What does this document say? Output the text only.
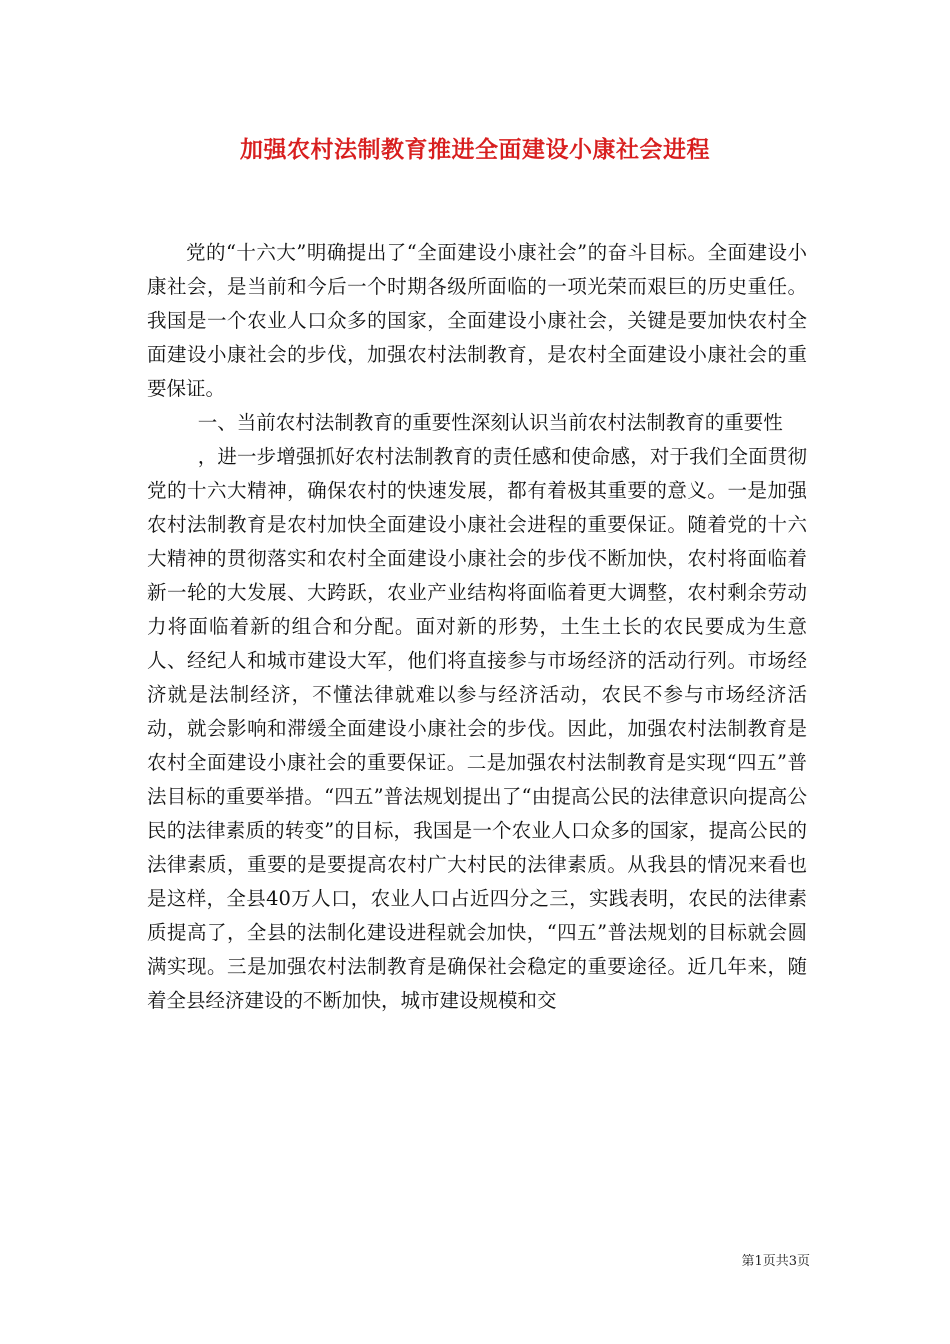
加强农村法制教育推进全面建设小康社会进程

党的“十六大”明确提出了“全面建设小康社会”的奋斗目标。全面建设小康社会，是当前和今后一个时期各级所面临的一项光荣而艰巨的历史重任。我国是一个农业人口众多的国家，全面建设小康社会，关键是要加快农村全面建设小康社会的步伐，加强农村法制教育，是农村全面建设小康社会的重要保证。

一、当前农村法制教育的重要性深刻认识当前农村法制教育的重要性

，进一步增强抓好农村法制教育的责任感和使命感，对于我们全面贯彻党的十六大精神，确保农村的快速发展，都有着极其重要的意义。一是加强农村法制教育是农村加快全面建设小康社会进程的重要保证。随着党的十六大精神的贯彻落实和农村全面建设小康社会的步伐不断加快，农村将面临着新一轮的大发展、大跨跃，农业产业结构将面临着更大调整，农村剩余劳动力将面临着新的组合和分配。面对新的形势，土生土长的农民要成为生意人、经纪人和城市建设大军，他们将直接参与市场经济的活动行列。市场经济就是法制经济，不懂法律就难以参与经济活动，农民不参与市场经济活动，就会影响和滞缓全面建设小康社会的步伐。因此，加强农村法制教育是农村全面建设小康社会的重要保证。二是加强农村法制教育是实现“四五”普法目标的重要举措。“四五”普法规划提出了“由提高公民的法律意识向提高公民的法律素质的转变”的目标，我国是一个农业人口众多的国家，提高公民的法律素质，重要的是要提高农村广大村民的法律素质。从我县的情况来看也是这样，全县40万人口，农业人口占近四分之三，实践表明，农民的法律素质提高了，全县的法制化建设进程就会加快，“四五”普法规划的目标就会圆满实现。三是加强农村法制教育是确保社会稳定的重要途径。近几年来，随着全县经济建设的不断加快，城市建设规模和交

第1页共3页
